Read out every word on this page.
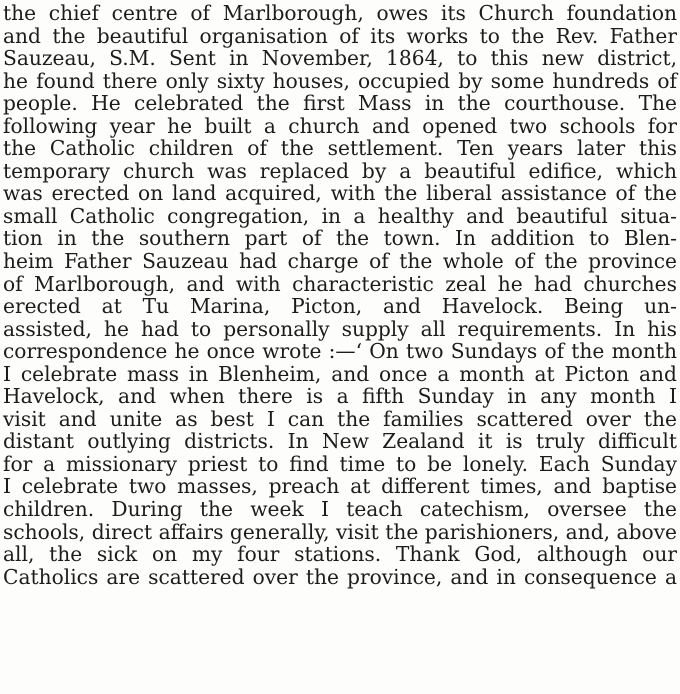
the chief centre of Marlborough, owes its Church foundation
and the beautiful organisation of its works to the Rev. Father
Sauzeau, S.M. Sent in November, 1864, to this new district,
he found there only sixty houses, occupied by some hundreds of
people. He celebrated the first Mass in the courthouse. The
following year he built a church and opened two schools for
the Catholic children of the settlement. Ten years later this
temporary church was replaced by a beautiful edifice, which
was erected on land acquired, with the liberal assistance of the
small Catholic congregation, in a healthy and beautiful situa-
tion in the southern part of the town. In addition to Blen-
heim Father Sauzeau had charge of the whole of the province
of Marlborough, and with characteristic zeal he had churches
erected at Tu Marina, Picton, and Havelock. Being un-
assisted, he had to personally supply all requirements. In his
correspondence he once wrote :—‘ On two Sundays of the month
I celebrate mass in Blenheim, and once a month at Picton and
Havelock, and when there is a fifth Sunday in any month I
visit and unite as best I can the families scattered over the
distant outlying districts. In New Zealand it is truly difficult
for a missionary priest to find time to be lonely. Each Sunday
I celebrate two masses, preach at different times, and baptise
children. During the week I teach catechism, oversee the
schools, direct affairs generally, visit the parishioners, and, above
all, the sick on my four stations. Thank God, although our
Catholics are scattered over the province, and in consequence a
